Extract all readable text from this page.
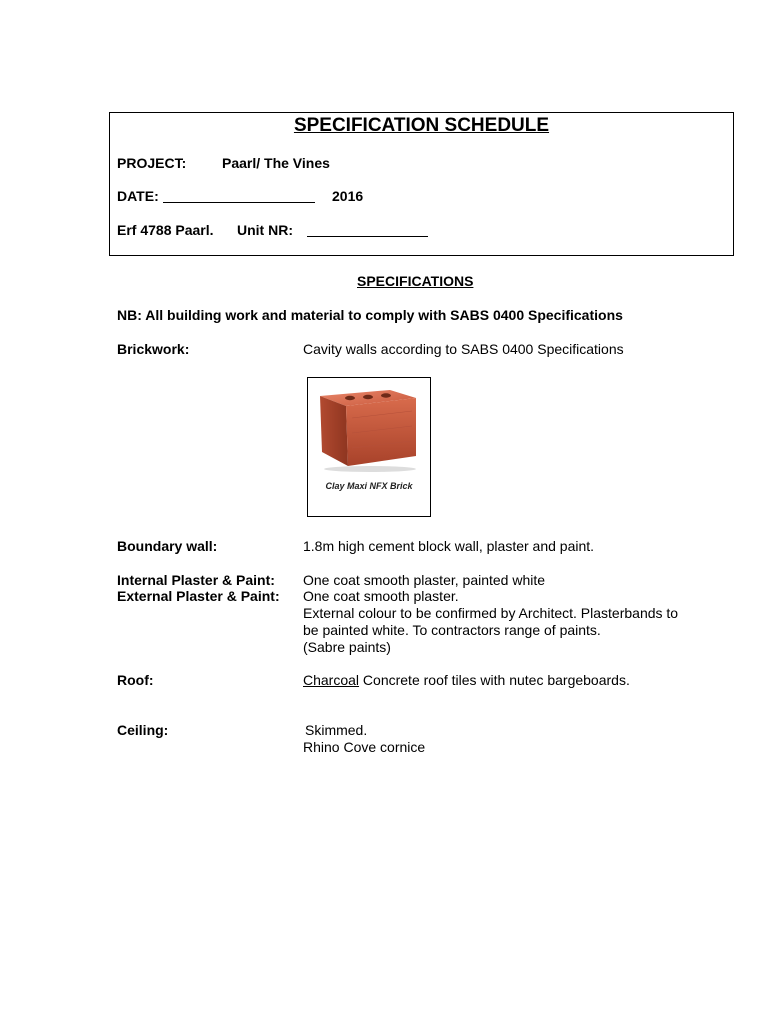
SPECIFICATION SCHEDULE
PROJECT:	Paarl/ The Vines
DATE:	2016
Erf 4788 Paarl. Unit NR:
SPECIFICATIONS
NB: All building work and material to comply with SABS 0400 Specifications
Brickwork:	Cavity walls according to SABS 0400 Specifications
Clay Maxi NFX Brick
Boundary wall:	1.8m high cement block wall, plaster and paint.
Internal Plaster & Paint: One coat smooth plaster, painted white
External Plaster & Paint: One coat smooth plaster.
External colour to be confirmed by Architect. Plasterbands to
be painted white. To contractors range of paints.
(Sabre paints)
Roof:	Charcoal Concrete roof tiles with nutec bargeboards.
Ceiling:	Skimmed.
Rhino Cove cornice
